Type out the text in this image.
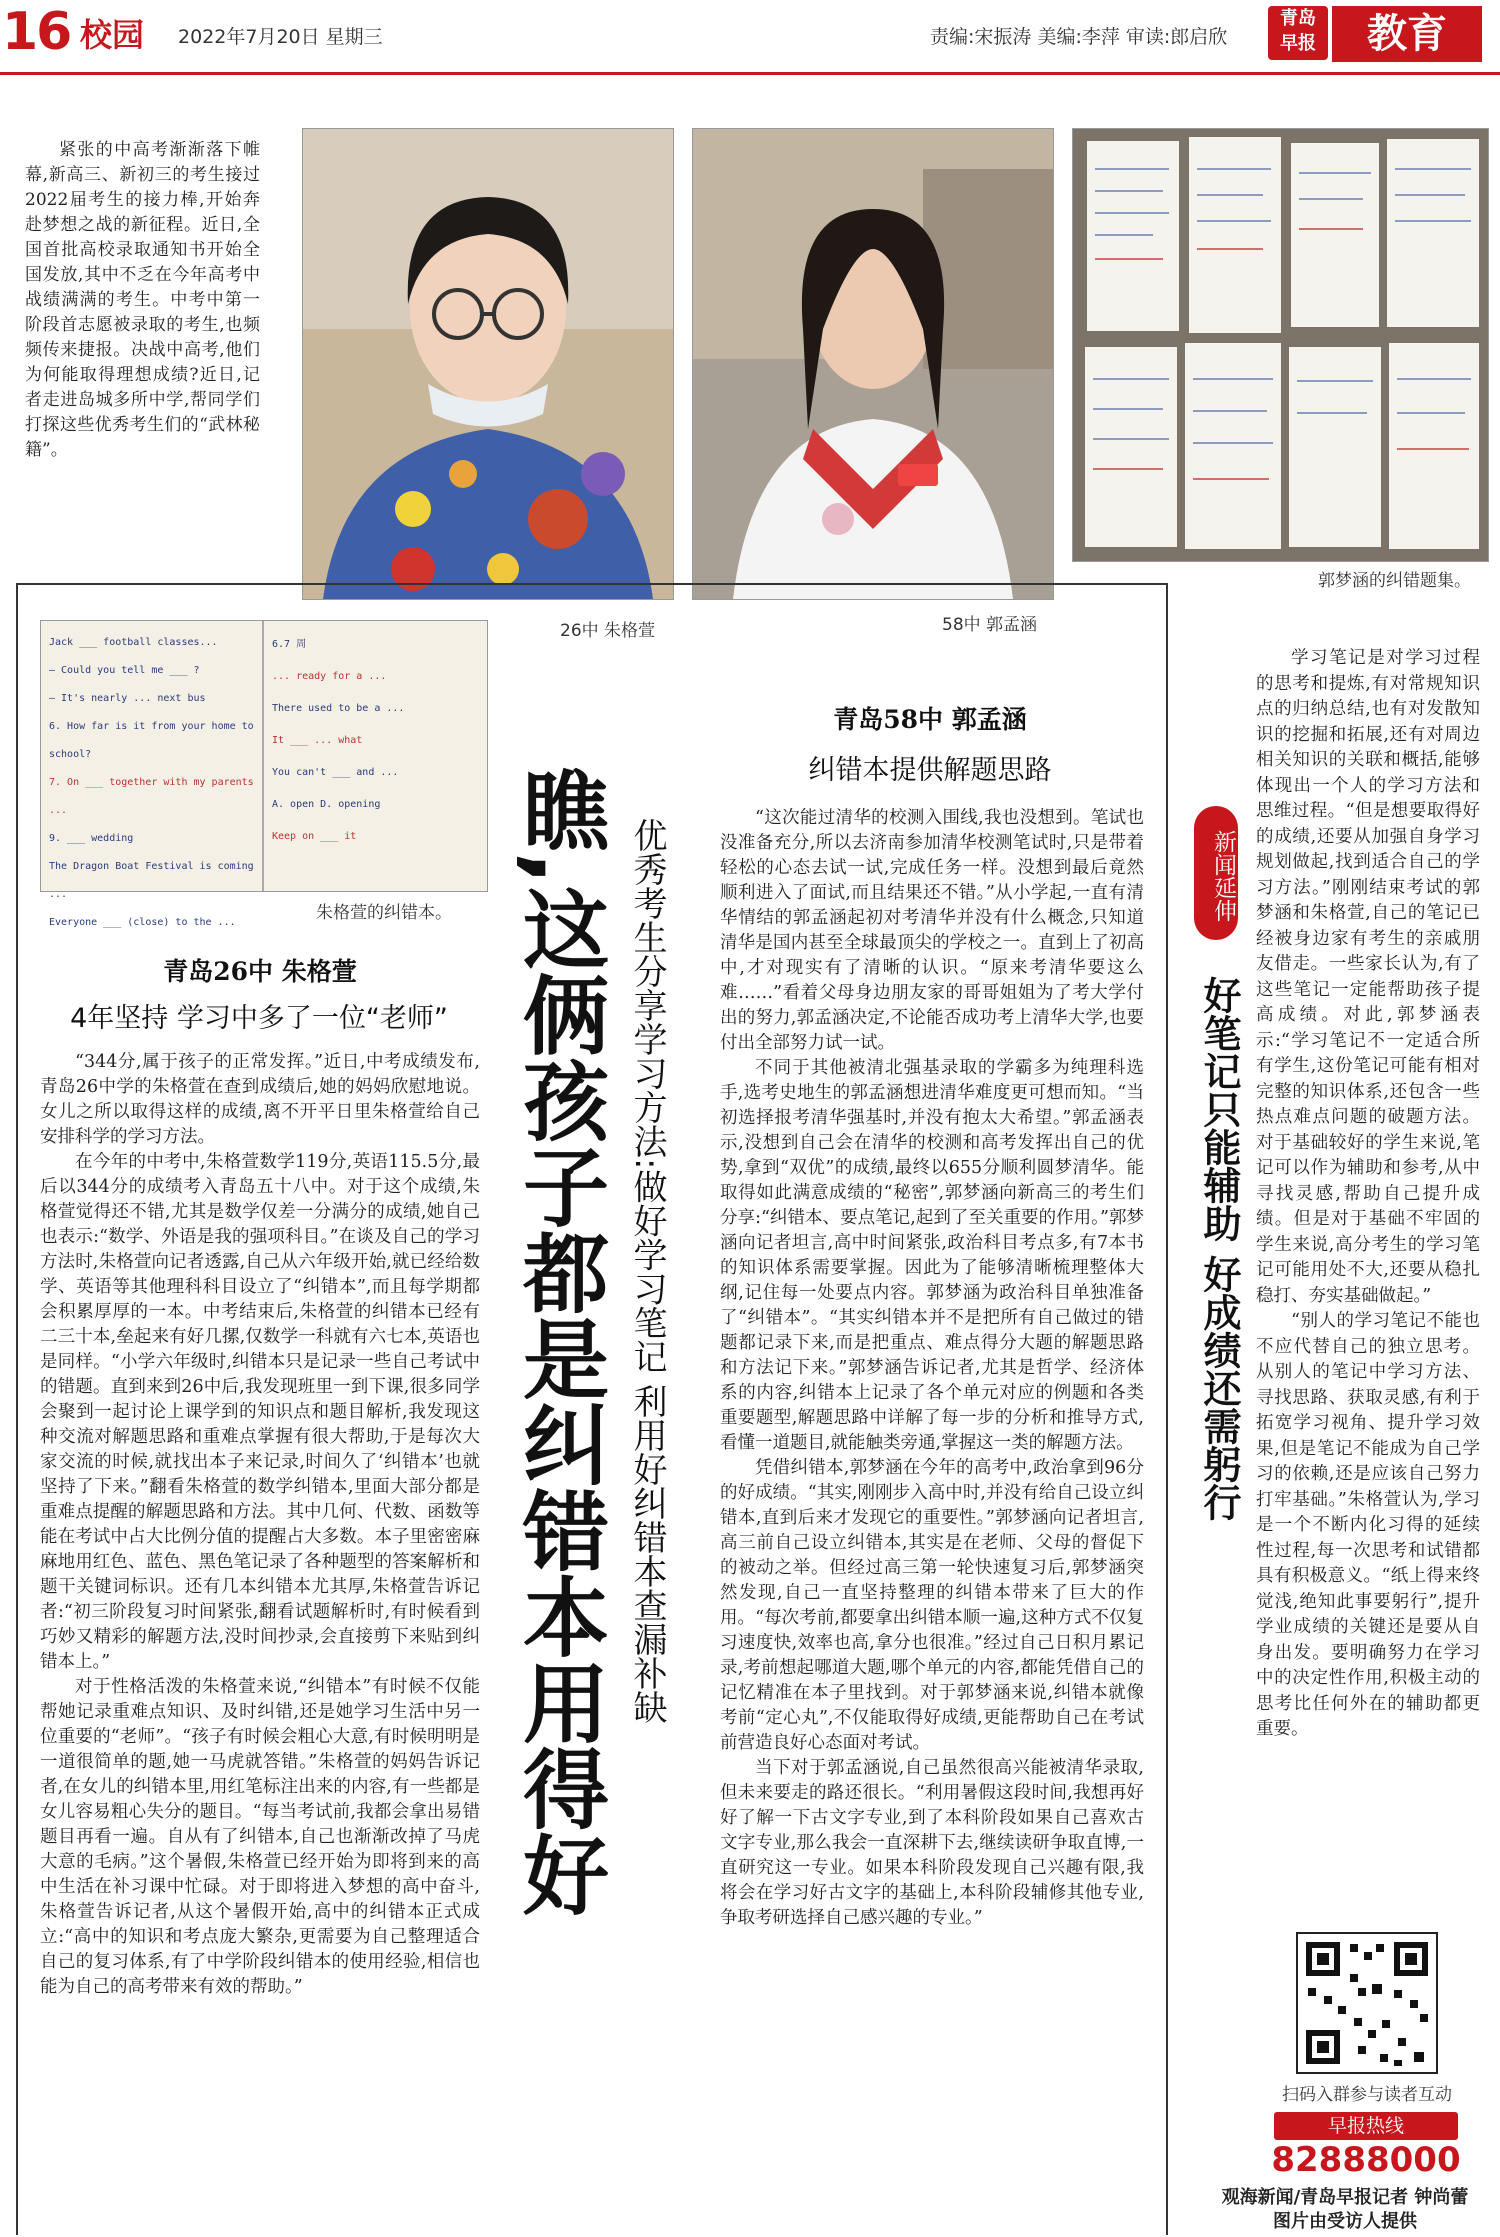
16 校园 2022年7月20日 星期三	责编:宋振涛 美编:李萍 审读:郎启欣
青岛
早报	教育

紧张的中高考渐渐落下帷幕,新高三、新初三的考生接过2022届考生的接力棒,开始奔赴梦想之战的新征程。近日,全国首批高校录取通知书开始全国发放,其中不乏在今年高考中战绩满满的考生。中考中第一阶段首志愿被录取的考生,也频频传来捷报。决战中高考,他们为何能取得理想成绩?近日,记者走进岛城多所中学,帮同学们打探这些优秀考生们的“武林秘籍”。

郭梦涵的纠错题集。
Jack ___ football classes...
— Could you tell me ___ ?
— It's nearly ... next bus
6. How far is it from your home to school?
7. On ___ together with my parents ...
9. ___ wedding
The Dragon Boat Festival is coming ...
Everyone ___ (close) to the ...
6.7 周
... ready for a ...
There used to be a ...
It ___ ... what
You can't ___ and ...
A. open D. opening
Keep on ___ it
朱格萱的纠错本。
26中 朱格萱	58中 郭孟涵
瞧,这俩孩子都是纠错本用得好 优秀考生分享学习方法:做好学习笔记 利用好纠错本查漏补缺
青岛26中 朱格萱
4年坚持 学习中多了一位“老师”

“344分,属于孩子的正常发挥。”近日,中考成绩发布,青岛26中学的朱格萱在查到成绩后,她的妈妈欣慰地说。女儿之所以取得这样的成绩,离不开平日里朱格萱给自己安排科学的学习方法。

在今年的中考中,朱格萱数学119分,英语115.5分,最后以344分的成绩考入青岛五十八中。对于这个成绩,朱格萱觉得还不错,尤其是数学仅差一分满分的成绩,她自己也表示:“数学、外语是我的强项科目。”在谈及自己的学习方法时,朱格萱向记者透露,自己从六年级开始,就已经给数学、英语等其他理科科目设立了“纠错本”,而且每学期都会积累厚厚的一本。中考结束后,朱格萱的纠错本已经有二三十本,垒起来有好几摞,仅数学一科就有六七本,英语也是同样。“小学六年级时,纠错本只是记录一些自己考试中的错题。直到来到26中后,我发现班里一到下课,很多同学会聚到一起讨论上课学到的知识点和题目解析,我发现这种交流对解题思路和重难点掌握有很大帮助,于是每次大家交流的时候,就找出本子来记录,时间久了‘纠错本’也就坚持了下来。”翻看朱格萱的数学纠错本,里面大部分都是重难点提醒的解题思路和方法。其中几何、代数、函数等能在考试中占大比例分值的提醒占大多数。本子里密密麻麻地用红色、蓝色、黑色笔记录了各种题型的答案解析和题干关键词标识。还有几本纠错本尤其厚,朱格萱告诉记者:“初三阶段复习时间紧张,翻看试题解析时,有时候看到巧妙又精彩的解题方法,没时间抄录,会直接剪下来贴到纠错本上。”

对于性格活泼的朱格萱来说,“纠错本”有时候不仅能帮她记录重难点知识、及时纠错,还是她学习生活中另一位重要的“老师”。“孩子有时候会粗心大意,有时候明明是一道很简单的题,她一马虎就答错。”朱格萱的妈妈告诉记者,在女儿的纠错本里,用红笔标注出来的内容,有一些都是女儿容易粗心失分的题目。“每当考试前,我都会拿出易错题目再看一遍。自从有了纠错本,自己也渐渐改掉了马虎大意的毛病。”这个暑假,朱格萱已经开始为即将到来的高中生活在补习课中忙碌。对于即将进入梦想的高中奋斗,朱格萱告诉记者,从这个暑假开始,高中的纠错本正式成立:“高中的知识和考点庞大繁杂,更需要为自己整理适合自己的复习体系,有了中学阶段纠错本的使用经验,相信也能为自己的高考带来有效的帮助。”

青岛58中 郭孟涵
纠错本提供解题思路

“这次能过清华的校测入围线,我也没想到。笔试也没准备充分,所以去济南参加清华校测笔试时,只是带着轻松的心态去试一试,完成任务一样。没想到最后竟然顺利进入了面试,而且结果还不错。”从小学起,一直有清华情结的郭孟涵起初对考清华并没有什么概念,只知道清华是国内甚至全球最顶尖的学校之一。直到上了初高中,才对现实有了清晰的认识。“原来考清华要这么难……”看着父母身边朋友家的哥哥姐姐为了考大学付出的努力,郭孟涵决定,不论能否成功考上清华大学,也要付出全部努力试一试。

不同于其他被清北强基录取的学霸多为纯理科选手,选考史地生的郭孟涵想进清华难度更可想而知。“当初选择报考清华强基时,并没有抱太大希望。”郭孟涵表示,没想到自己会在清华的校测和高考发挥出自己的优势,拿到“双优”的成绩,最终以655分顺利圆梦清华。能取得如此满意成绩的“秘密”,郭梦涵向新高三的考生们分享:“纠错本、要点笔记,起到了至关重要的作用。”郭梦涵向记者坦言,高中时间紧张,政治科目考点多,有7本书的知识体系需要掌握。因此为了能够清晰梳理整体大纲,记住每一处要点内容。郭梦涵为政治科目单独准备了“纠错本”。“其实纠错本并不是把所有自己做过的错题都记录下来,而是把重点、难点得分大题的解题思路和方法记下来。”郭梦涵告诉记者,尤其是哲学、经济体系的内容,纠错本上记录了各个单元对应的例题和各类重要题型,解题思路中详解了每一步的分析和推导方式,看懂一道题目,就能触类旁通,掌握这一类的解题方法。

凭借纠错本,郭梦涵在今年的高考中,政治拿到96分的好成绩。“其实,刚刚步入高中时,并没有给自己设立纠错本,直到后来才发现它的重要性。”郭梦涵向记者坦言,高三前自己设立纠错本,其实是在老师、父母的督促下的被动之举。但经过高三第一轮快速复习后,郭梦涵突然发现,自己一直坚持整理的纠错本带来了巨大的作用。“每次考前,都要拿出纠错本顺一遍,这种方式不仅复习速度快,效率也高,拿分也很准。”经过自己日积月累记录,考前想起哪道大题,哪个单元的内容,都能凭借自己的记忆精准在本子里找到。对于郭梦涵来说,纠错本就像考前“定心丸”,不仅能取得好成绩,更能帮助自己在考试前营造良好心态面对考试。

当下对于郭孟涵说,自己虽然很高兴能被清华录取,但未来要走的路还很长。“利用暑假这段时间,我想再好好了解一下古文字专业,到了本科阶段如果自己喜欢古文字专业,那么我会一直深耕下去,继续读研争取直博,一直研究这一专业。如果本科阶段发现自己兴趣有限,我将会在学习好古文字的基础上,本科阶段辅修其他专业,争取考研选择自己感兴趣的专业。”

新闻延伸
好笔记只能辅助 好成绩还需躬行

学习笔记是对学习过程的思考和提炼,有对常规知识点的归纳总结,也有对发散知识的挖掘和拓展,还有对周边相关知识的关联和概括,能够体现出一个人的学习方法和思维过程。“但是想要取得好的成绩,还要从加强自身学习规划做起,找到适合自己的学习方法。”刚刚结束考试的郭梦涵和朱格萱,自己的笔记已经被身边家有考生的亲戚朋友借走。一些家长认为,有了这些笔记一定能帮助孩子提高成绩。对此,郭梦涵表示:“学习笔记不一定适合所有学生,这份笔记可能有相对完整的知识体系,还包含一些热点难点问题的破题方法。对于基础较好的学生来说,笔记可以作为辅助和参考,从中寻找灵感,帮助自己提升成绩。但是对于基础不牢固的学生来说,高分考生的学习笔记可能用处不大,还要从稳扎稳打、夯实基础做起。”

“别人的学习笔记不能也不应代替自己的独立思考。从别人的笔记中学习方法、寻找思路、获取灵感,有利于拓宽学习视角、提升学习效果,但是笔记不能成为自己学习的依赖,还是应该自己努力打牢基础。”朱格萱认为,学习是一个不断内化习得的延续性过程,每一次思考和试错都具有积极意义。“纸上得来终觉浅,绝知此事要躬行”,提升学业成绩的关键还是要从自身出发。要明确努力在学习中的决定性作用,积极主动的思考比任何外在的辅助都更重要。

扫码入群参与读者互动
早报热线
82888000
观海新闻/青岛早报记者 钟尚蕾
图片由受访人提供
